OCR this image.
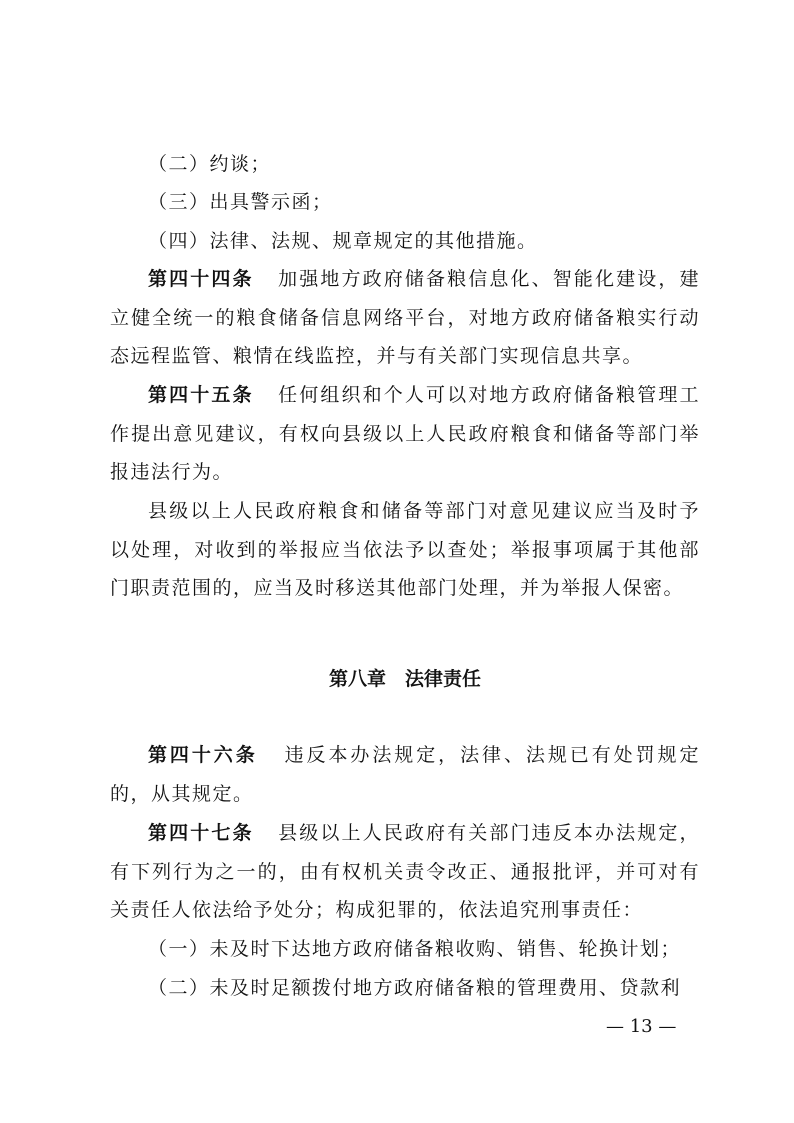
（二）约谈；
（三）出具警示函；
（四）法律、法规、规章规定的其他措施。
第四十四条 加强地方政府储备粮信息化、智能化建设，建立健全统一的粮食储备信息网络平台，对地方政府储备粮实行动态远程监管、粮情在线监控，并与有关部门实现信息共享。
第四十五条 任何组织和个人可以对地方政府储备粮管理工作提出意见建议，有权向县级以上人民政府粮食和储备等部门举报违法行为。
县级以上人民政府粮食和储备等部门对意见建议应当及时予以处理，对收到的举报应当依法予以查处；举报事项属于其他部门职责范围的，应当及时移送其他部门处理，并为举报人保密。
第八章　法律责任
第四十六条 违反本办法规定，法律、法规已有处罚规定的，从其规定。
第四十七条 县级以上人民政府有关部门违反本办法规定，有下列行为之一的，由有权机关责令改正、通报批评，并可对有关责任人依法给予处分；构成犯罪的，依法追究刑事责任：
（一）未及时下达地方政府储备粮收购、销售、轮换计划；
（二）未及时足额拨付地方政府储备粮的管理费用、贷款利
— 13 —
